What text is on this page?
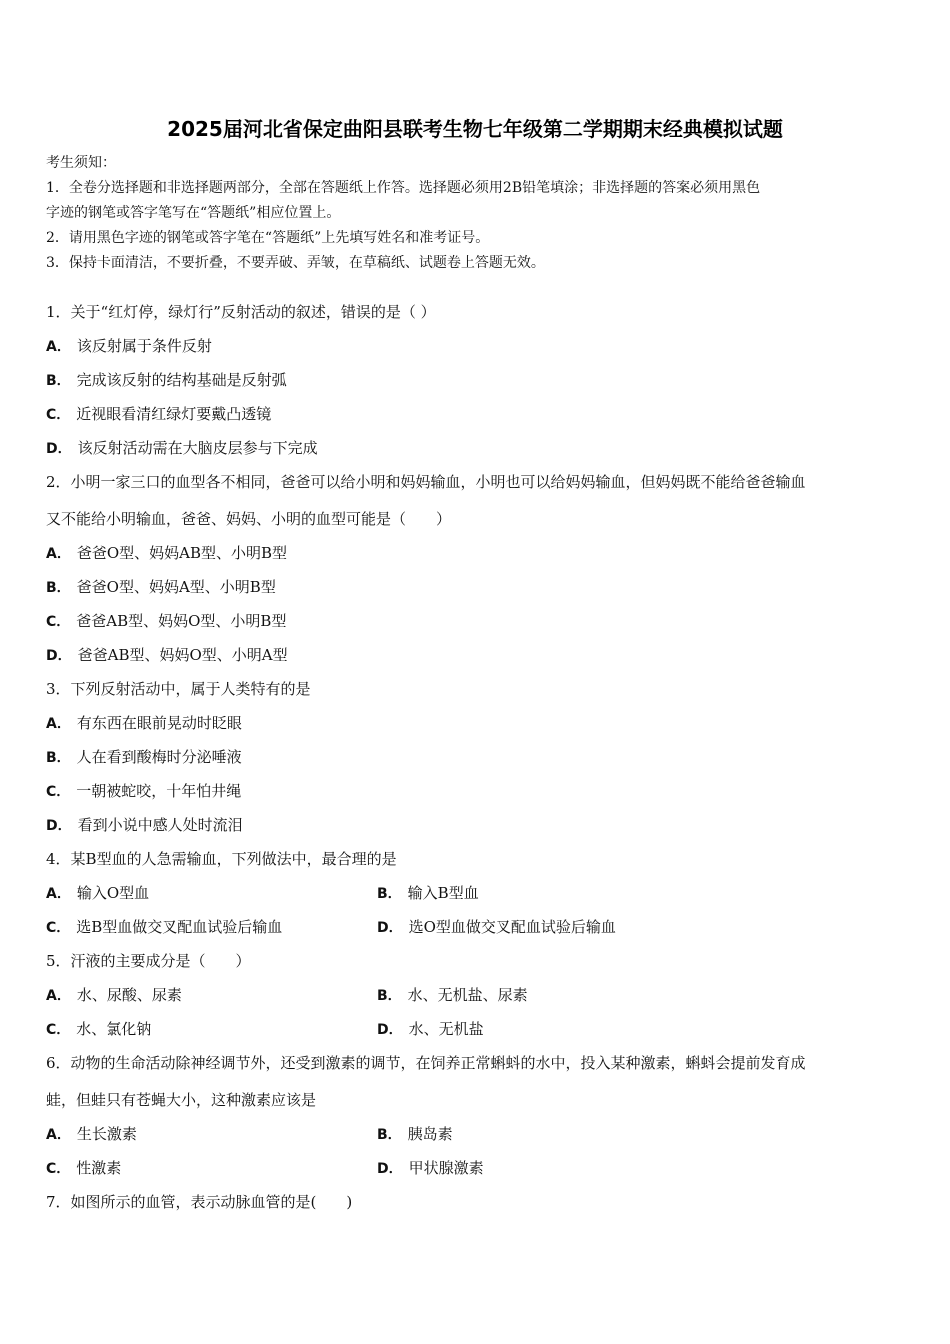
2025届河北省保定曲阳县联考生物七年级第二学期期末经典模拟试题
考生须知：
1．全卷分选择题和非选择题两部分，全部在答题纸上作答。选择题必须用2B铅笔填涂；非选择题的答案必须用黑色
字迹的钢笔或答字笔写在“答题纸”相应位置上。
2．请用黑色字迹的钢笔或答字笔在“答题纸”上先填写姓名和准考证号。
3．保持卡面清洁，不要折叠，不要弄破、弄皱，在草稿纸、试题卷上答题无效。
1．关于“红灯停，绿灯行”反射活动的叙述，错误的是（ ）
A． 该反射属于条件反射
B． 完成该反射的结构基础是反射弧
C． 近视眼看清红绿灯要戴凸透镜
D． 该反射活动需在大脑皮层参与下完成
2．小明一家三口的血型各不相同，爸爸可以给小明和妈妈输血，小明也可以给妈妈输血，但妈妈既不能给爸爸输血
又不能给小明输血，爸爸、妈妈、小明的血型可能是（　　）
A． 爸爸O型、妈妈AB型、小明B型
B． 爸爸O型、妈妈A型、小明B型
C． 爸爸AB型、妈妈O型、小明B型
D． 爸爸AB型、妈妈O型、小明A型
3．下列反射活动中，属于人类特有的是
A． 有东西在眼前晃动时眨眼
B． 人在看到酸梅时分泌唾液
C． 一朝被蛇咬，十年怕井绳
D． 看到小说中感人处时流泪
4．某B型血的人急需输血，下列做法中，最合理的是
A． 输入O型血	B． 输入B型血
C． 选B型血做交叉配血试验后输血	D． 选O型血做交叉配血试验后输血
5．汗液的主要成分是（　　）
A． 水、尿酸、尿素	B． 水、无机盐、尿素
C． 水、氯化钠	D． 水、无机盐
6．动物的生命活动除神经调节外，还受到激素的调节，在饲养正常蝌蚪的水中，投入某种激素，蝌蚪会提前发育成
蛙，但蛙只有苍蝇大小，这种激素应该是
A． 生长激素	B． 胰岛素
C． 性激素	D． 甲状腺激素
7．如图所示的血管，表示动脉血管的是(　　)
